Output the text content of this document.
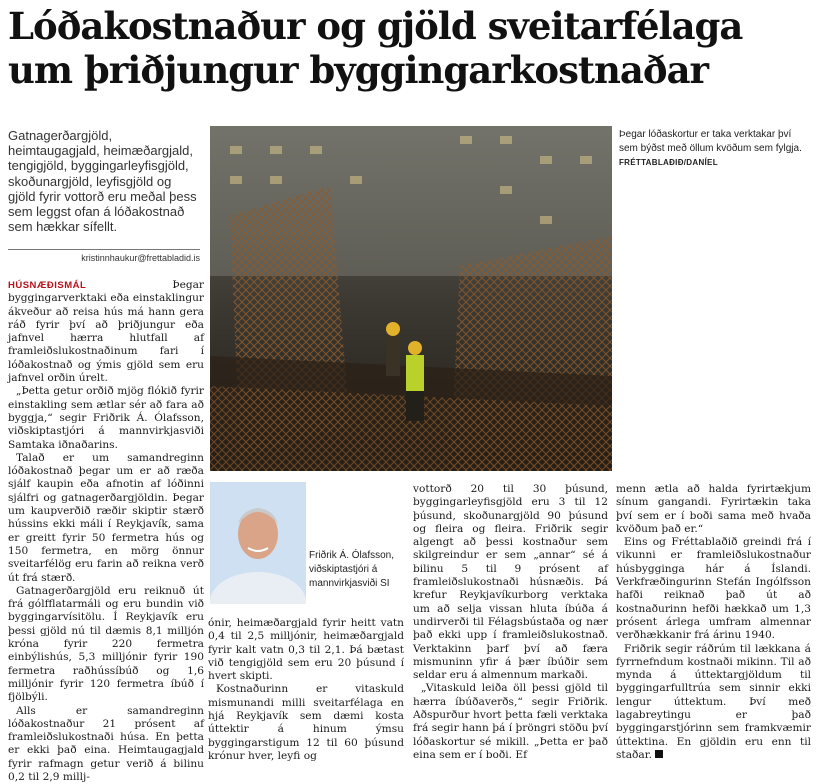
Lóðakostnaður og gjöld sveitarfélaga um þriðjungur byggingarkostnaðar
Gatnagerðargjöld, heimtaugagjald, heimæðargjald, tengigjöld, byggingarleyfisgjöld, skoðunargjöld, leyfisgjöld og gjöld fyrir vottorð eru meðal þess sem leggst ofan á lóðakostnað sem hækkar sífellt.
kristinnhaukur@frettabladid.is
Þegar lóðaskortur er taka verktakar því sem býðst með öllum kvöðum sem fylgja.
FRÉTTABLAÐIÐ/DANÍEL
Friðrik Á. Ólafsson, viðskiptastjóri á mannvirkjasviði SI

HÚSNÆÐISMÁL	Þegar byggingarverktaki eða einstaklingur ákveður að reisa hús má hann gera ráð fyrir því að þriðjungur eða jafnvel hærra hlutfall af framleiðslukostnaðinum fari í lóðakostnað og ýmis gjöld sem eru jafnvel orðin úrelt.

„Þetta getur orðið mjög flókið fyrir einstakling sem ætlar sér að fara að byggja,“ segir Friðrik Á. Ólafsson, viðskiptastjóri á mannvirkjasviði Samtaka iðnaðarins.

Talað er um samandreginn lóðakostnað þegar um er að ræða sjálf kaupin eða afnotin af lóðinni sjálfri og gatnagerðargjöldin. Þegar um kaupverðið ræðir skiptir stærð hússins ekki máli í Reykjavík, sama er greitt fyrir 50 fermetra hús og 150 fermetra, en mörg önnur sveitarfélög eru farin að reikna verð út frá stærð.

Gatnagerðargjöld eru reiknuð út frá gólfflatarmáli og eru bundin við byggingarvísitölu. Í Reykjavík eru þessi gjöld nú til dæmis 8,1 milljón króna fyrir 220 fermetra einbýlishús, 5,3 milljónir fyrir 190 fermetra raðhússíbúð og 1,6 milljónir fyrir 120 fermetra íbúð í fjölbýli.

Alls er samandreginn lóðakostnaður 21 prósent af framleiðslukostnaði húsa. En þetta er ekki það eina. Heimtaugagjald fyrir rafmagn getur verið á bilinu 0,2 til 2,9 millj-

ónir, heimæðargjald fyrir heitt vatn 0,4 til 2,5 milljónir, heimæðargjald fyrir kalt vatn 0,3 til 2,1. Þá bætast við tengigjöld sem eru 20 þúsund í hvert skipti.

Kostnaðurinn er vitaskuld mismunandi milli sveitarfélaga en hjá Reykjavík sem dæmi kosta úttektir á hinum ýmsu byggingarstigum 12 til 60 þúsund krónur hver, leyfi og

vottorð 20 til 30 þúsund, byggingarleyfisgjöld eru 3 til 12 þúsund, skoðunargjöld 90 þúsund og fleira og fleira. Friðrik segir algengt að þessi kostnaður sem skilgreindur er sem „annar“ sé á bilinu 5 til 9 prósent af framleiðslukostnaði húsnæðis. Þá krefur Reykjavíkurborg verktaka um að selja vissan hluta íbúða á undirverði til Félagsbústaða og nær það ekki upp í framleiðslukostnað. Verktakinn þarf því að færa mismuninn yfir á þær íbúðir sem seldar eru á almennum markaði.

„Vitaskuld leiða öll þessi gjöld til hærra íbúðaverðs,“ segir Friðrik. Aðspurður hvort þetta fæli verktaka frá segir hann þá í þröngri stöðu því lóðaskortur sé mikill. „Þetta er það eina sem er í boði. Ef

menn ætla að halda fyrirtækjum sínum gangandi. Fyrirtækin taka því sem er í boði sama með hvaða kvöðum það er.“

Eins og Fréttablaðið greindi frá í vikunni er framleiðslukostnaður húsbyggingа hár á Íslandi. Verkfræðingurinn Stefán Ingólfsson hafði reiknað það út að kostnaðurinn hefði hækkað um 1,3 prósent árlega umfram almennar verðhækkanir frá árinu 1940.

Friðrik segir ráðrúm til lækkana á fyrrnefndum kostnaði mikinn. Til að mynda á úttektargjöldum til byggingarfulltrúa sem sinnir ekki lengur úttektum. Því með lagabreytingu er það byggingarstjórinn sem framkvæmir úttektina. En gjöldin eru enn til staðar.
